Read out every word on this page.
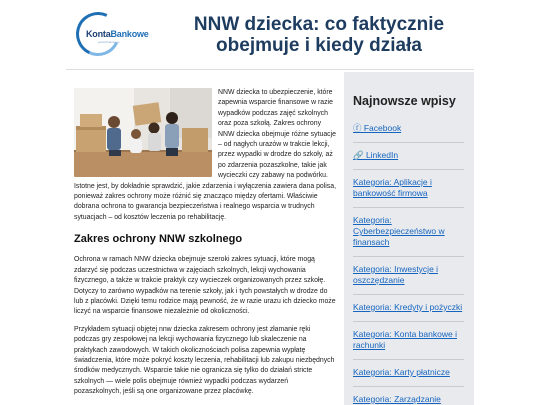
KontaBankowe
portal finansowy
NNW dziecka: co faktycznie obejmuje i kiedy działa

NNW dziecka to ubezpieczenie, które zapewnia wsparcie finansowe w razie wypadków podczas zajęć szkolnych oraz poza szkołą. Zakres ochrony NNW dziecka obejmuje różne sytuacje – od nagłych urazów w trakcie lekcji, przez wypadki w drodze do szkoły, aż po zdarzenia pozaszkolne, takie jak wycieczki czy zabawy na podwórku. Istotne jest, by dokładnie sprawdzić, jakie zdarzenia i wyłączenia zawiera dana polisa, ponieważ zakres ochrony może różnić się znacząco między ofertami. Właściwie dobrana ochrona to gwarancja bezpieczeństwa i realnego wsparcia w trudnych sytuacjach – od kosztów leczenia po rehabilitację.

Zakres ochrony NNW szkolnego

Ochrona w ramach NNW dziecka obejmuje szeroki zakres sytuacji, które mogą zdarzyć się podczas uczestnictwa w zajęciach szkolnych, lekcji wychowania fizycznego, a także w trakcie praktyk czy wycieczek organizowanych przez szkołę. Dotyczy to zarówno wypadków na terenie szkoły, jak i tych powstałych w drodze do lub z placówki. Dzięki temu rodzice mają pewność, że w razie urazu ich dziecko może liczyć na wsparcie finansowe niezależnie od okoliczności.

Przykładem sytuacji objętej nnw dziecka zakresem ochrony jest złamanie ręki podczas gry zespołowej na lekcji wychowania fizycznego lub skaleczenie na praktykach zawodowych. W takich okolicznościach polisa zapewnia wypłatę świadczenia, które może pokryć koszty leczenia, rehabilitacji lub zakupu niezbędnych środków medycznych. Wsparcie takie nie ogranicza się tylko do działań stricte szkolnych — wiele polis obejmuje również wypadki podczas wydarzeń pozaszkolnych, jeśli są one organizowane przez placówkę.

Najnowsze wpisy
ⓕ Facebook
🔗 LinkedIn
Kategoria: Aplikacje i bankowość firmowa
Kategoria: Cyberbezpieczeństwo w finansach
Kategoria: Inwestycje i oszczędzanie
Kategoria: Kredyty i pożyczki
Kategoria: Konta bankowe i rachunki
Kategoria: Karty płatnicze
Kategoria: Zarządzanie
